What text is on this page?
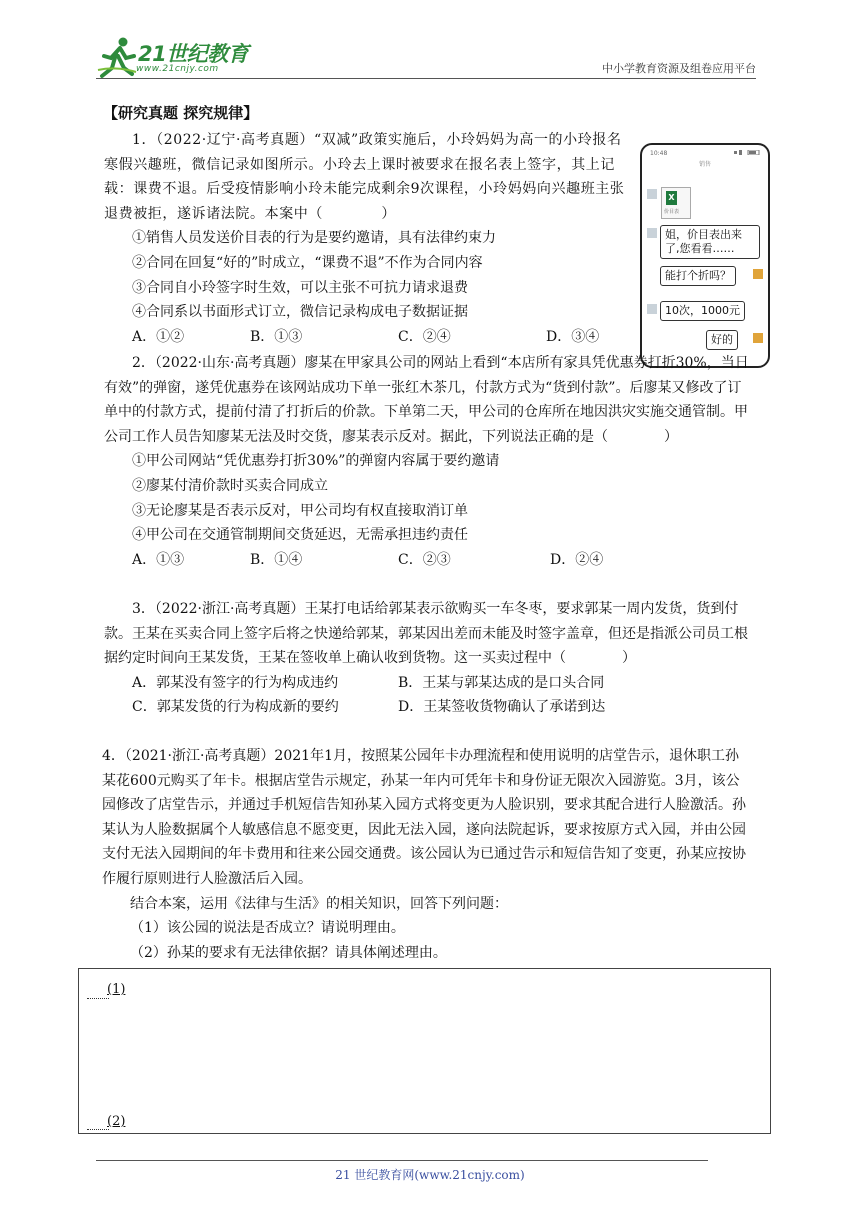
21世纪教育
www.21cnjy.com	中小学教育资源及组卷应用平台
【研究真题 探究规律】

1．（2022·辽宁·高考真题）“双减”政策实施后，小玲妈妈为高一的小玲报名寒假兴趣班，微信记录如图所示。小玲去上课时被要求在报名表上签字，其上记载：课费不退。后受疫情影响小玲未能完成剩余9次课程，小玲妈妈向兴趣班主张退费被拒，遂诉诸法院。本案中（　　　　）

①销售人员发送价目表的行为是要约邀请，具有法律约束力

②合同在回复“好的”时成立，“课费不退”不作为合同内容

③合同自小玲签字时生效，可以主张不可抗力请求退费

④合同系以书面形式订立，微信记录构成电子数据证据

A．①②	B．①③	C．②④	D．③④
10:48
销售
X
价目表
姐，价目表出来了,您看看……
能打个折吗？
10次，1000元
好的

2．（2022·山东·高考真题）廖某在甲家具公司的网站上看到“本店所有家具凭优惠券打折30%，当日有效”的弹窗，遂凭优惠券在该网站成功下单一张红木茶几，付款方式为“货到付款”。后廖某又修改了订单中的付款方式，提前付清了打折后的价款。下单第二天，甲公司的仓库所在地因洪灾实施交通管制。甲公司工作人员告知廖某无法及时交货，廖某表示反对。据此，下列说法正确的是（　　　　）

①甲公司网站“凭优惠券打折30%”的弹窗内容属于要约邀请

②廖某付清价款时买卖合同成立

③无论廖某是否表示反对，甲公司均有权直接取消订单

④甲公司在交通管制期间交货延迟，无需承担违约责任

A．①③	B．①④	C．②③	D．②④

3．（2022·浙江·高考真题）王某打电话给郭某表示欲购买一车冬枣，要求郭某一周内发货，货到付款。王某在买卖合同上签字后将之快递给郭某，郭某因出差而未能及时签字盖章，但还是指派公司员工根据约定时间向王某发货，王某在签收单上确认收到货物。这一买卖过程中（　　　　）

A．郭某没有签字的行为构成违约	B．王某与郭某达成的是口头合同
C．郭某发货的行为构成新的要约	D．王某签收货物确认了承诺到达

4．（2021·浙江·高考真题）2021年1月，按照某公园年卡办理流程和使用说明的店堂告示，退休职工孙某花600元购买了年卡。根据店堂告示规定，孙某一年内可凭年卡和身份证无限次入园游览。3月，该公园修改了店堂告示，并通过手机短信告知孙某入园方式将变更为人脸识别，要求其配合进行人脸激活。孙某认为人脸数据属个人敏感信息不愿变更，因此无法入园，遂向法院起诉，要求按原方式入园，并由公园支付无法入园期间的年卡费用和往来公园交通费。该公园认为已通过告示和短信告知了变更，孙某应按协作履行原则进行人脸激活后入园。

结合本案，运用《法律与生活》的相关知识，回答下列问题：

（1）该公园的说法是否成立？请说明理由。

（2）孙某的要求有无法律依据？请具体阐述理由。

(1)
(2)
21 世纪教育网(www.21cnjy.com)
